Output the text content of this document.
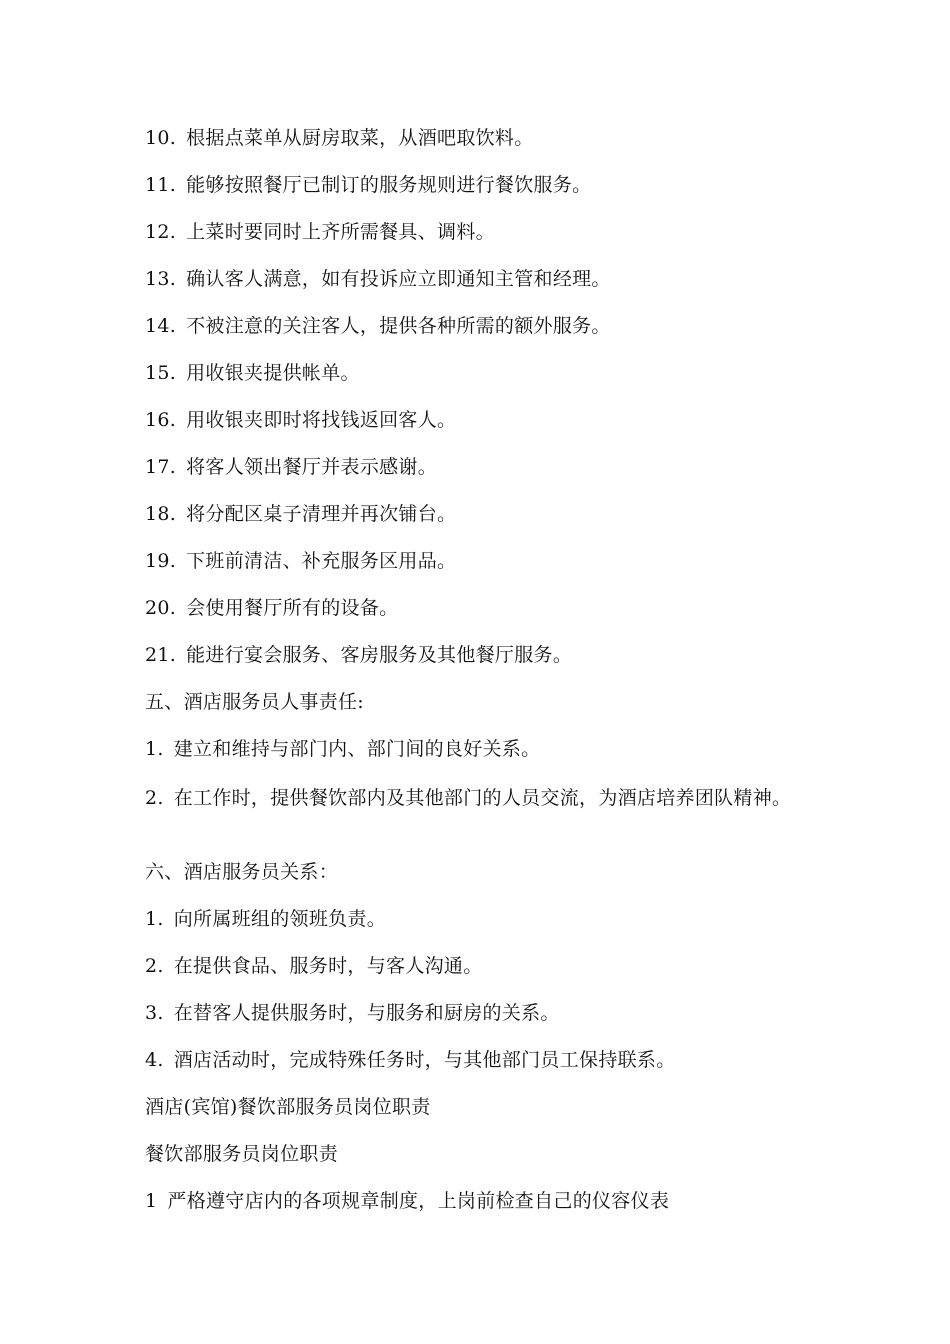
10. 根据点菜单从厨房取菜，从酒吧取饮料。
11. 能够按照餐厅已制订的服务规则进行餐饮服务。
12. 上菜时要同时上齐所需餐具、调料。
13. 确认客人满意，如有投诉应立即通知主管和经理。
14. 不被注意的关注客人，提供各种所需的额外服务。
15. 用收银夹提供帐单。
16. 用收银夹即时将找钱返回客人。
17. 将客人领出餐厅并表示感谢。
18. 将分配区桌子清理并再次铺台。
19. 下班前清洁、补充服务区用品。
20. 会使用餐厅所有的设备。
21. 能进行宴会服务、客房服务及其他餐厅服务。
五、酒店服务员人事责任:
1. 建立和维持与部门内、部门间的良好关系。
2. 在工作时，提供餐饮部内及其他部门的人员交流，为酒店培养团队精神。
六、酒店服务员关系：
1. 向所属班组的领班负责。
2. 在提供食品、服务时，与客人沟通。
3. 在替客人提供服务时，与服务和厨房的关系。
4. 酒店活动时，完成特殊任务时，与其他部门员工保持联系。
酒店(宾馆)餐饮部服务员岗位职责
餐饮部服务员岗位职责
1 严格遵守店内的各项规章制度，上岗前检查自己的仪容仪表
